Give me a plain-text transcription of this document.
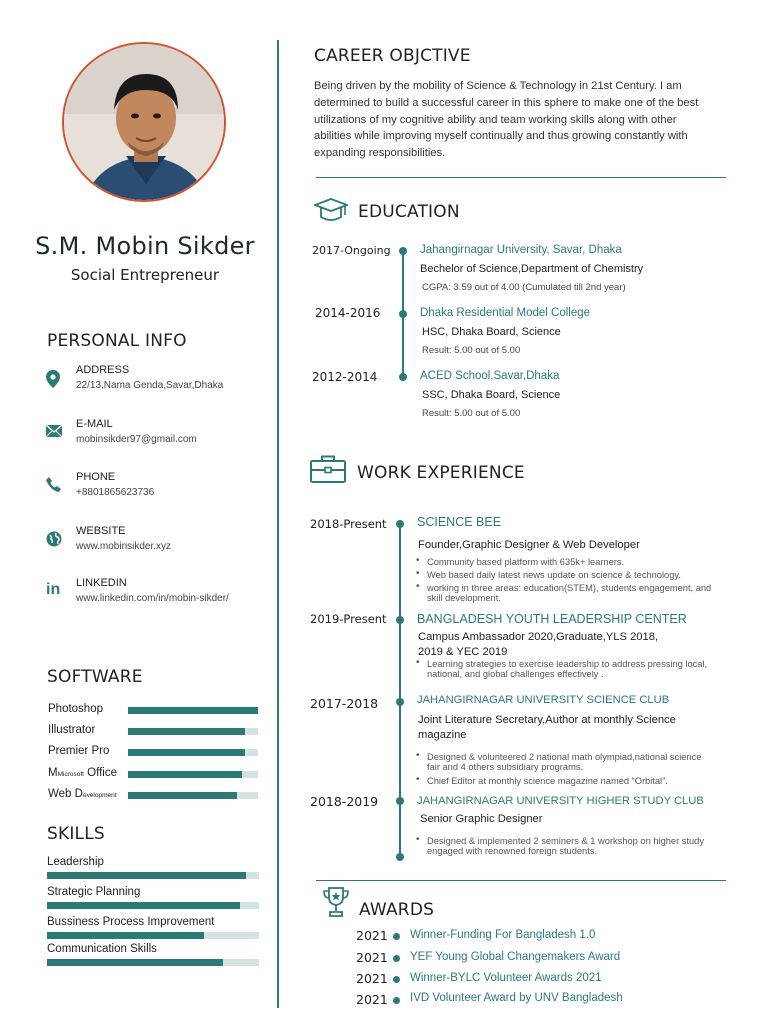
S.M. Mobin Sikder
Social Entrepreneur
PERSONAL INFO
ADDRESS
22/13,Nama Genda,Savar,Dhaka
E-MAIL
mobinsikder97@gmail.com
PHONE
+8801865623736
WEBSITE
www.mobinsikder.xyz
in	LINKEDIN
www.linkedin.com/in/mobin-sikder/
SOFTWARE
Photoshop
Illustrator
Premier Pro
MMicrosoft Office
Web Development
SKILLS
Leadership
Strategic Planning
Bussiness Process Improvement
Communication Skills
CAREER OBJCTIVE
Being driven by the mobility of Science & Technology in 21st Century. I am determined to build a successful career in this sphere to make one of the best utilizations of my cognitive ability and team working skills along with other abilities while improving myself continually and thus growing constantly with expanding responsibilities.
EDUCATION
2017-Ongoing	Jahangirnagar University, Savar, Dhaka
Bechelor of Science,Department of Chemistry
CGPA: 3.59 out of 4.00 (Cumulated till 2nd year)
2014-2016	Dhaka Residential Model College
HSC, Dhaka Board, Science
Result: 5.00 out of 5.00
2012-2014	ACED School,Savar,Dhaka
SSC, Dhaka Board, Science
Result: 5.00 out of 5.00
WORK EXPERIENCE
2018-Present SCIENCE BEE
Founder,Graphic Designer & Web Developer
• Community based platform with 635k+ learners.
• Web based daily latest news update on science & technology.
• working in three areas: education(STEM), students engagement, and skill development.
2019-Present BANGLADESH YOUTH LEADERSHIP CENTER
Campus Ambassador 2020,Graduate,YLS 2018, 2019 & YEC 2019
• Learning strategies to exercise leadership to address pressing local, national, and global challenges effectively .
2017-2018	JAHANGIRNAGAR UNIVERSITY SCIENCE CLUB
Joint Literature Secretary,Author at monthly Science magazine
• Designed & volunteered 2 national math olympiad,national science fair and 4 others subsidiary programs.
• Chief Editor at monthly science magazine named “Orbital”.
2018-2019	JAHANGIRNAGAR UNIVERSITY HIGHER STUDY CLUB
Senior Graphic Designer
• Designed & implemented 2 seminers & 1 workshop on higher study engaged with renowned foreign students.
AWARDS
2021 Winner-Funding For Bangladesh 1.0
2021 YEF Young Global Changemakers Award
2021 Winner-BYLC Volunteer Awards 2021
2021 IVD Volunteer Award by UNV Bangladesh
